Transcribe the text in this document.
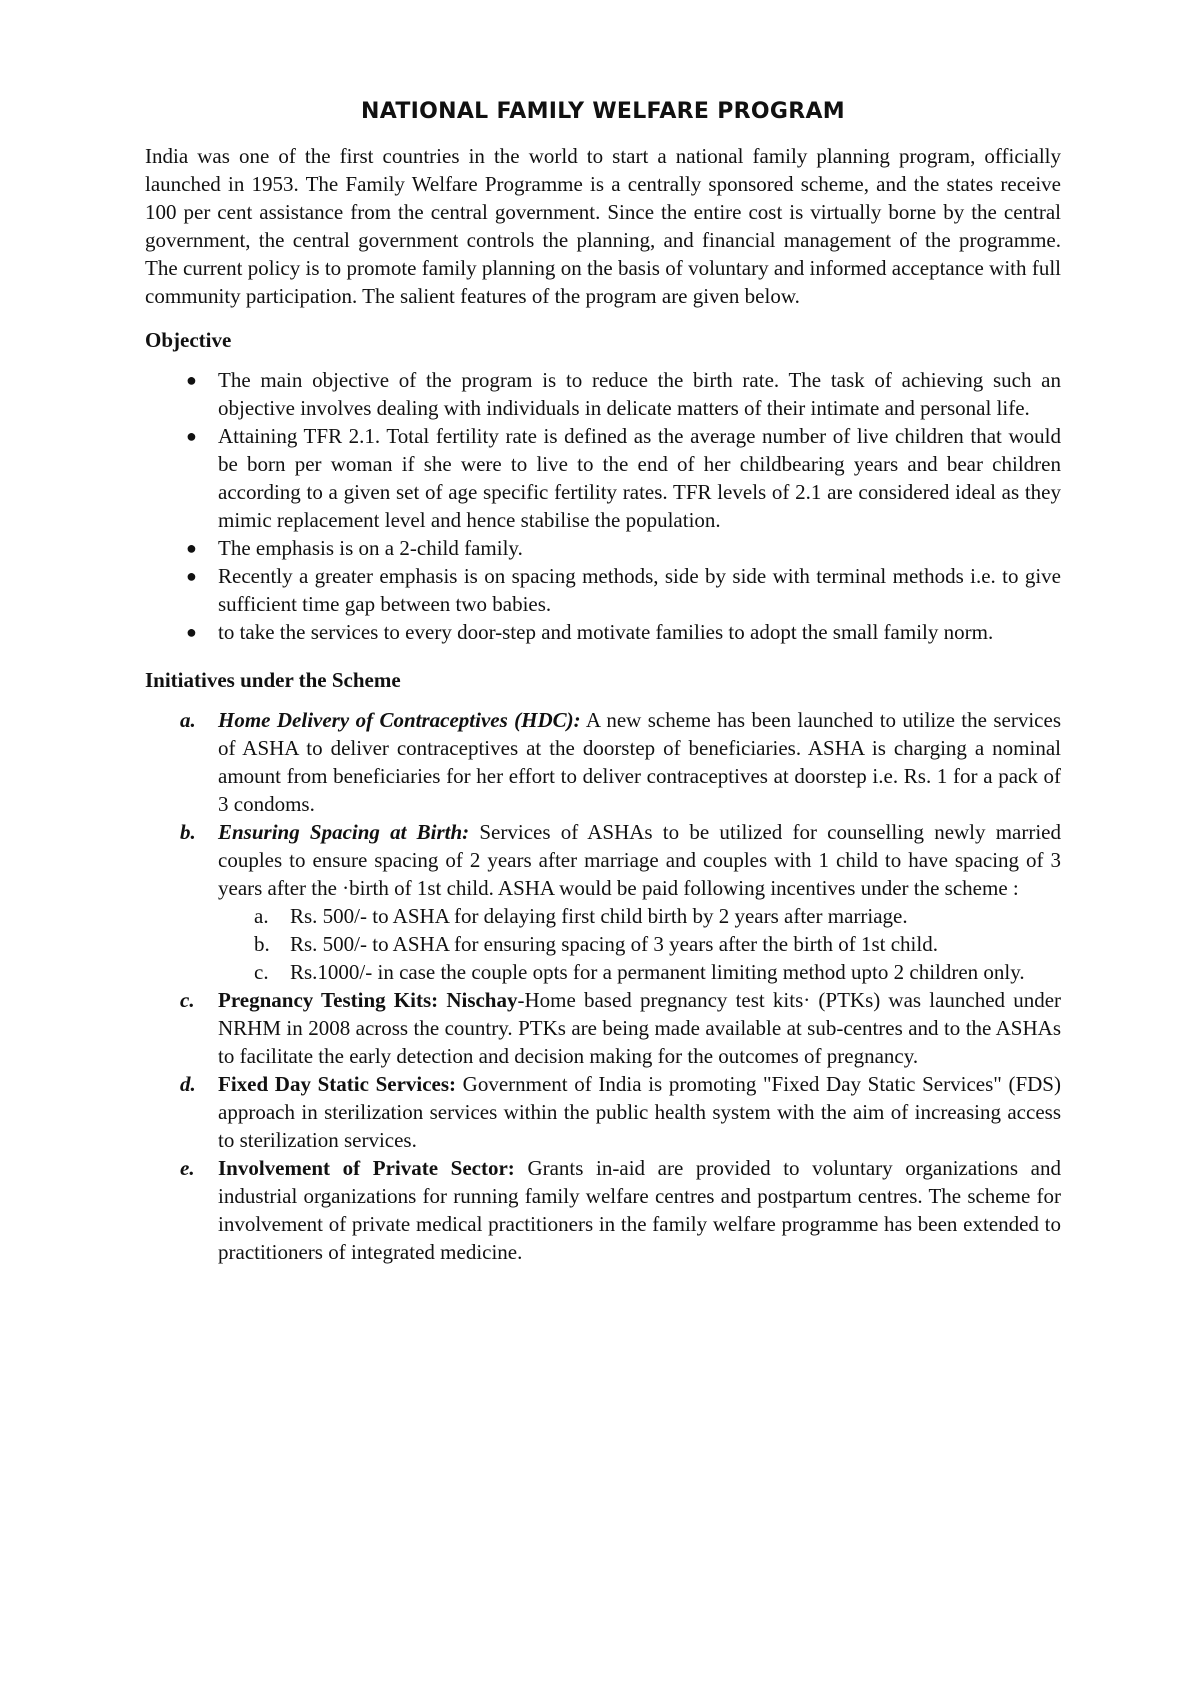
NATIONAL FAMILY WELFARE PROGRAM

India was one of the first countries in the world to start a national family planning program, officially launched in 1953. The Family Welfare Programme is a centrally sponsored scheme, and the states receive 100 per cent assistance from the central government. Since the entire cost is virtually borne by the central government, the central government controls the planning, and financial management of the programme. The current policy is to promote family planning on the basis of voluntary and informed acceptance with full community participation. The salient features of the program are given below.

Objective

● The main objective of the program is to reduce the birth rate. The task of achieving such an objective involves dealing with individuals in delicate matters of their intimate and personal life.
● Attaining TFR 2.1. Total fertility rate is defined as the average number of live children that would be born per woman if she were to live to the end of her childbearing years and bear children according to a given set of age specific fertility rates. TFR levels of 2.1 are considered ideal as they mimic replacement level and hence stabilise the population.
● The emphasis is on a 2-child family.
● Recently a greater emphasis is on spacing methods, side by side with terminal methods i.e. to give sufficient time gap between two babies.
● to take the services to every door-step and motivate families to adopt the small family norm.

Initiatives under the Scheme

a. Home Delivery of Contraceptives (HDC): A new scheme has been launched to utilize the services of ASHA to deliver contraceptives at the doorstep of beneficiaries. ASHA is charging a nominal amount from beneficiaries for her effort to deliver contraceptives at doorstep i.e. Rs. 1 for a pack of 3 condoms.
b. Ensuring Spacing at Birth: Services of ASHAs to be utilized for counselling newly married couples to ensure spacing of 2 years after marriage and couples with 1 child to have spacing of 3 years after the ·birth of 1st child. ASHA would be paid following incentives under the scheme :
a. Rs. 500/- to ASHA for delaying first child birth by 2 years after marriage.
b. Rs. 500/- to ASHA for ensuring spacing of 3 years after the birth of 1st child.
c. Rs.1000/- in case the couple opts for a permanent limiting method upto 2 children only.
c. Pregnancy Testing Kits: Nischay-Home based pregnancy test kits· (PTKs) was launched under NRHM in 2008 across the country. PTKs are being made available at sub-centres and to the ASHAs to facilitate the early detection and decision making for the outcomes of pregnancy.
d. Fixed Day Static Services: Government of India is promoting "Fixed Day Static Services" (FDS) approach in sterilization services within the public health system with the aim of increasing access to sterilization services.
e. Involvement of Private Sector: Grants in-aid are provided to voluntary organizations and industrial organizations for running family welfare centres and postpartum centres. The scheme for involvement of private medical practitioners in the family welfare programme has been extended to practitioners of integrated medicine.
